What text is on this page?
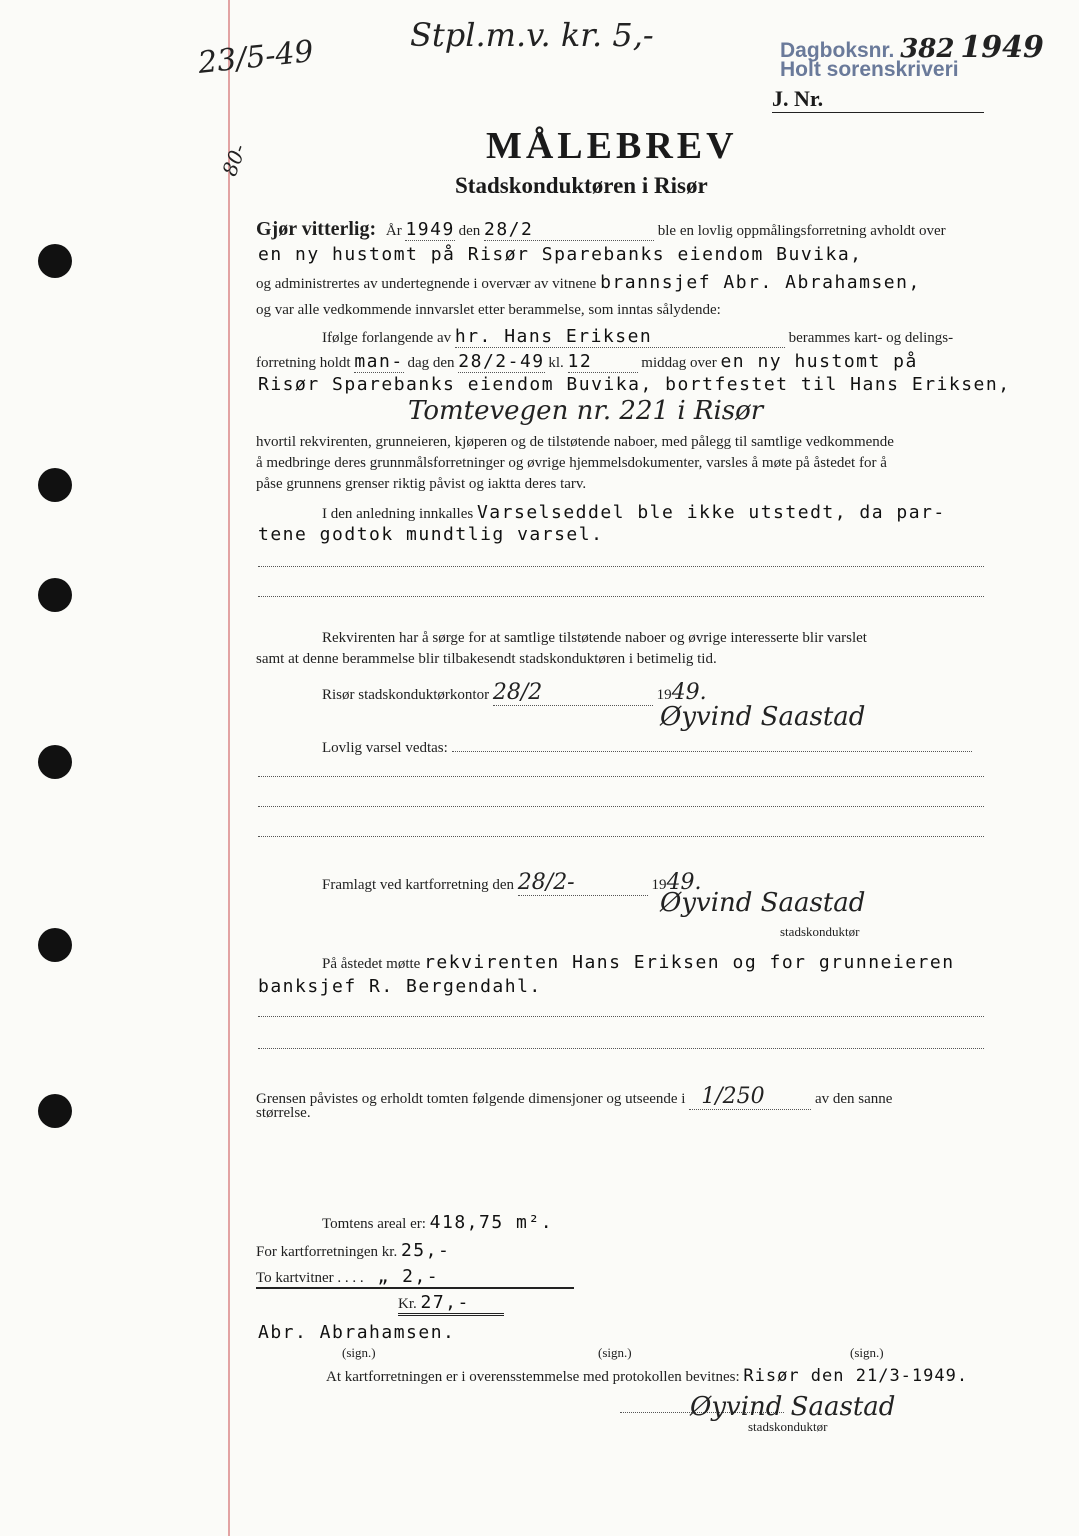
23/5-49
80-
Stpl.m.v. kr. 5,-	Dagboksnr. 382 1949
Holt sorenskriveri
J. Nr.
MÅLEBREV
Stadskonduktøren i Risør
Gjør vitterlig: År 1949 den 28/2	ble en lovlig oppmålingsforretning avholdt over
en ny hustomt på Risør Sparebanks eiendom Buvika,
og administrertes av undertegnende i overvær av vitnene brannsjef Abr. Abrahamsen,
og var alle vedkommende innvarslet etter berammelse, som inntas sålydende:
Ifølge forlangende av hr. Hans Eriksen	berammes kart- og delings-
forretning holdt man- dag den 28/2-49 kl. 12	middag over en ny hustomt på
Risør Sparebanks eiendom Buvika, bortfestet til Hans Eriksen,
Tomtevegen nr. 221 i Risør
hvortil rekvirenten, grunneieren, kjøperen og de tilstøtende naboer, med pålegg til samtlige vedkommende
å medbringe deres grunnmålsforretninger og øvrige hjemmelsdokumenter, varsles å møte på åstedet for å
påse grunnens grenser riktig påvist og iakttа deres tarv.
I den anledning innkalles Varselseddel ble ikke utstedt, da par-
tene godtok mundtlig varsel.
Rekvirenten har å sørge for at samtlige tilstøtende naboer og øvrige interesserte blir varslet
samt at denne berammelse blir tilbakesendt stadskonduktøren i betimelig tid.
Risør stadskonduktørkontor 28/2	1949.
Øyvind Saastad
Lovlig varsel vedtas:
Framlagt ved kartforretning den 28/2-	1949.
Øyvind Saastad
stadskonduktør
På åstedet møtte rekvirenten Hans Eriksen og for grunneieren
banksjef R. Bergendahl.
Grensen påvistes og erholdt tomten følgende dimensjoner og utseende i 1/250	av den sanne
størrelse.
Tomtens areal er: 418,75 m².
For kartforretningen kr. 25,-
To kartvitner . . . . „ 2,-
Kr. 27,-
Abr. Abrahamsen.
(sign.)	(sign.)	(sign.)
At kartforretningen er i overensstemmelse med protokollen bevitnes: Risør den 21/3-1949.
Øyvind Saastad
stadskonduktør
